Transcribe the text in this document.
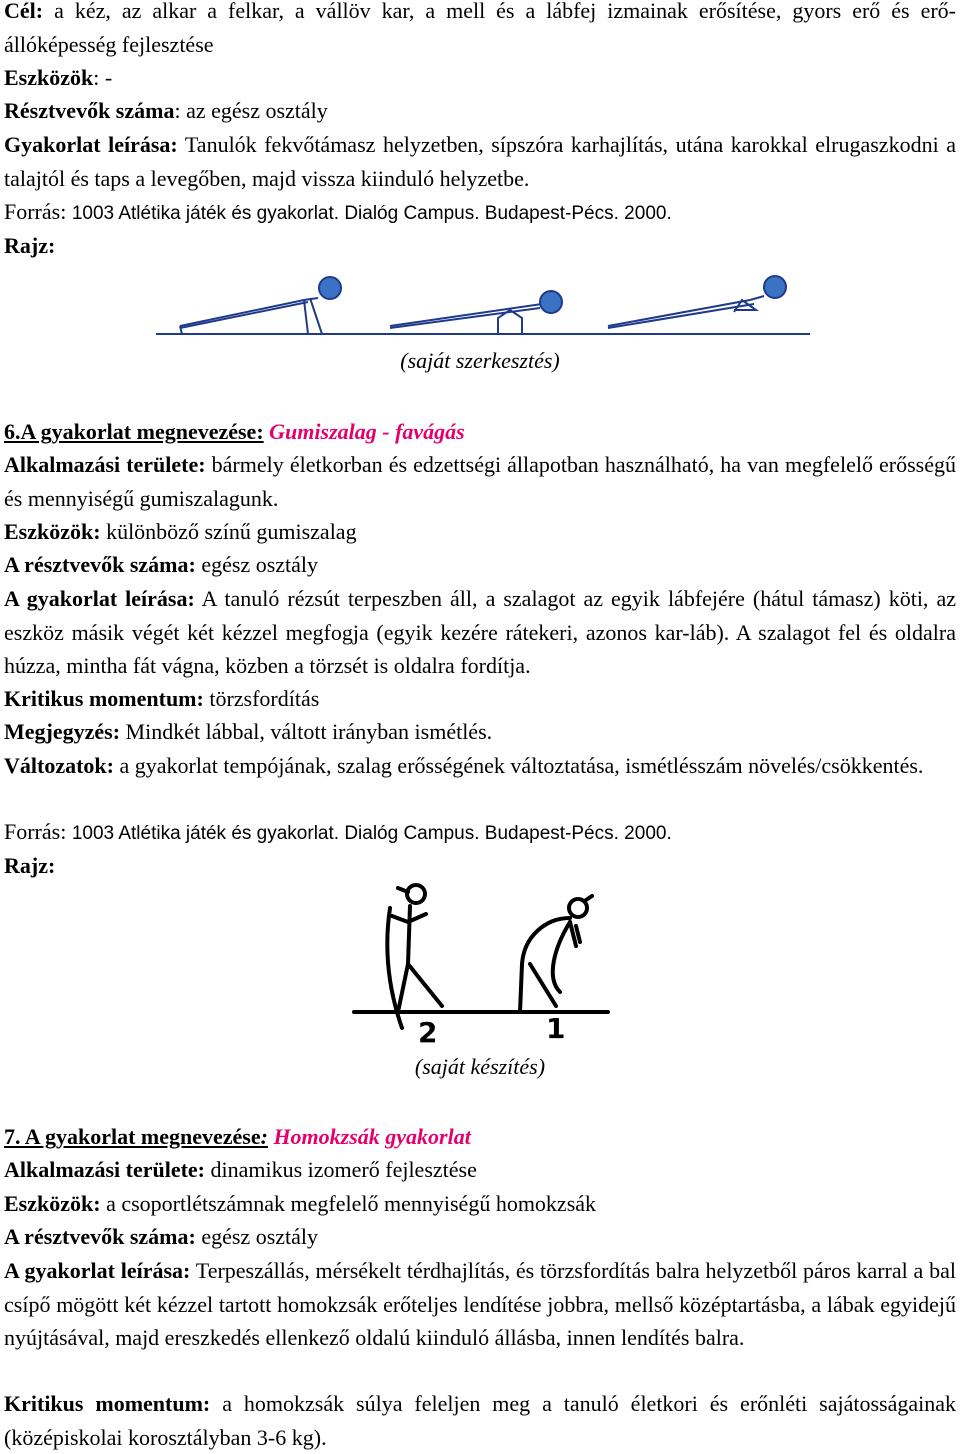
Cél: a kéz, az alkar a felkar, a vállöv kar, a mell és a lábfej izmainak erősítése, gyors erő és erő-állóképesség fejlesztése

Eszközök: -

Résztvevők száma: az egész osztály

Gyakorlat leírása: Tanulók fekvőtámasz helyzetben, sípszóra karhajlítás, utána karokkal elrugaszkodni a talajtól és taps a levegőben, majd vissza kiinduló helyzetbe.

Forrás: 1003 Atlétika játék és gyakorlat. Dialóg Campus. Budapest-Pécs. 2000.

Rajz:

(saját szerkesztés)

6.A gyakorlat megnevezése: Gumiszalag - favágás

Alkalmazási területe: bármely életkorban és edzettségi állapotban használható, ha van megfelelő erősségű és mennyiségű gumiszalagunk.

Eszközök: különböző színű gumiszalag

A résztvevők száma: egész osztály

A gyakorlat leírása: A tanuló rézsút terpeszben áll, a szalagot az egyik lábfejére (hátul támasz) köti, az eszköz másik végét két kézzel megfogja (egyik kezére rátekeri, azonos kar-láb). A szalagot fel és oldalra húzza, mintha fát vágna, közben a törzsét is oldalra fordítja.

Kritikus momentum: törzsfordítás

Megjegyzés: Mindkét lábbal, váltott irányban ismétlés.

Változatok: a gyakorlat tempójának, szalag erősségének változtatása, ismétlésszám növelés/csökkentés.

Forrás: 1003 Atlétika játék és gyakorlat. Dialóg Campus. Budapest-Pécs. 2000.

Rajz:

2	1
(saját készítés)

7. A gyakorlat megnevezése: Homokzsák gyakorlat

Alkalmazási területe: dinamikus izomerő fejlesztése

Eszközök: a csoportlétszámnak megfelelő mennyiségű homokzsák

A résztvevők száma: egész osztály

A gyakorlat leírása: Terpeszállás, mérsékelt térdhajlítás, és törzsfordítás balra helyzetből páros karral a bal csípő mögött két kézzel tartott homokzsák erőteljes lendítése jobbra, mellső középtartásba, a lábak egyidejű nyújtásával, majd ereszkedés ellenkező oldalú kiinduló állásba, innen lendítés balra.

Kritikus momentum: a homokzsák súlya feleljen meg a tanuló életkori és erőnléti sajátosságainak (középiskolai korosztályban 3-6 kg).
